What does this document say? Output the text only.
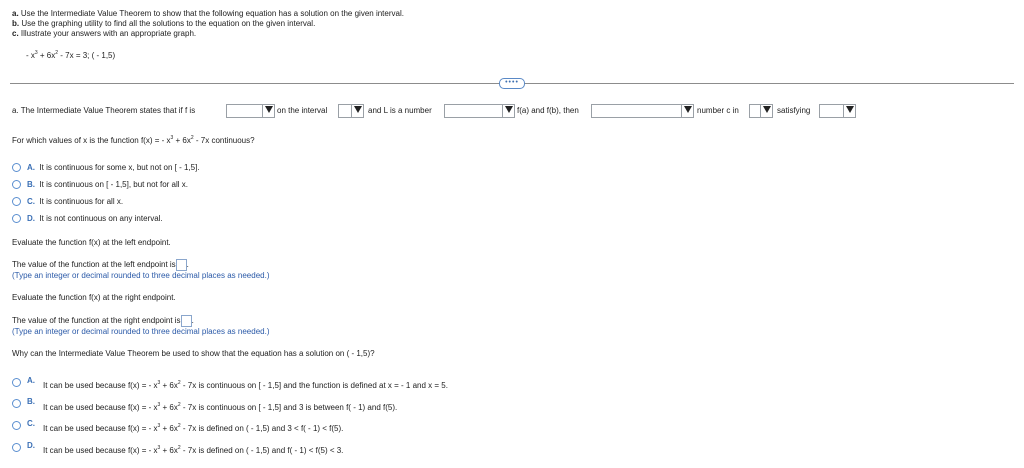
a. Use the Intermediate Value Theorem to show that the following equation has a solution on the given interval.
b. Use the graphing utility to find all the solutions to the equation on the given interval.
c. Illustrate your answers with an appropriate graph.
- $x^3 + 6x^2 - 7x = 3$; ( - 1,5)
••••
a. The Intermediate Value Theorem states that if f is	on the interval	and L is a number	f(a) and f(b), then	number c in	satisfying
For which values of x is the function f(x) = - $x^3 + 6x^2 - 7x$ continuous?
A. It is continuous for some x, but not on [ - 1,5].
B. It is continuous on [ - 1,5], but not for all x.
C. It is continuous for all x.
D. It is not continuous on any interval.
Evaluate the function f(x) at the left endpoint.
The value of the function at the left endpoint is .
(Type an integer or decimal rounded to three decimal places as needed.)
Evaluate the function f(x) at the right endpoint.
The value of the function at the right endpoint is .
(Type an integer or decimal rounded to three decimal places as needed.)
Why can the Intermediate Value Theorem be used to show that the equation has a solution on ( - 1,5)?
A.
It can be used because f(x) = - $x^3 + 6x^2 - 7x$ is continuous on [ - 1,5] and the function is defined at x = - 1 and x = 5.
B.
It can be used because f(x) = - $x^3 + 6x^2 - 7x$ is continuous on [ - 1,5] and 3 is between f( - 1) and f(5).
C.
It can be used because f(x) = - $x^3 + 6x^2 - 7x$ is defined on ( - 1,5) and 3 < f( - 1) < f(5).
D.
It can be used because f(x) = - $x^3 + 6x^2 - 7x$ is defined on ( - 1,5) and f( - 1) < f(5) < 3.
